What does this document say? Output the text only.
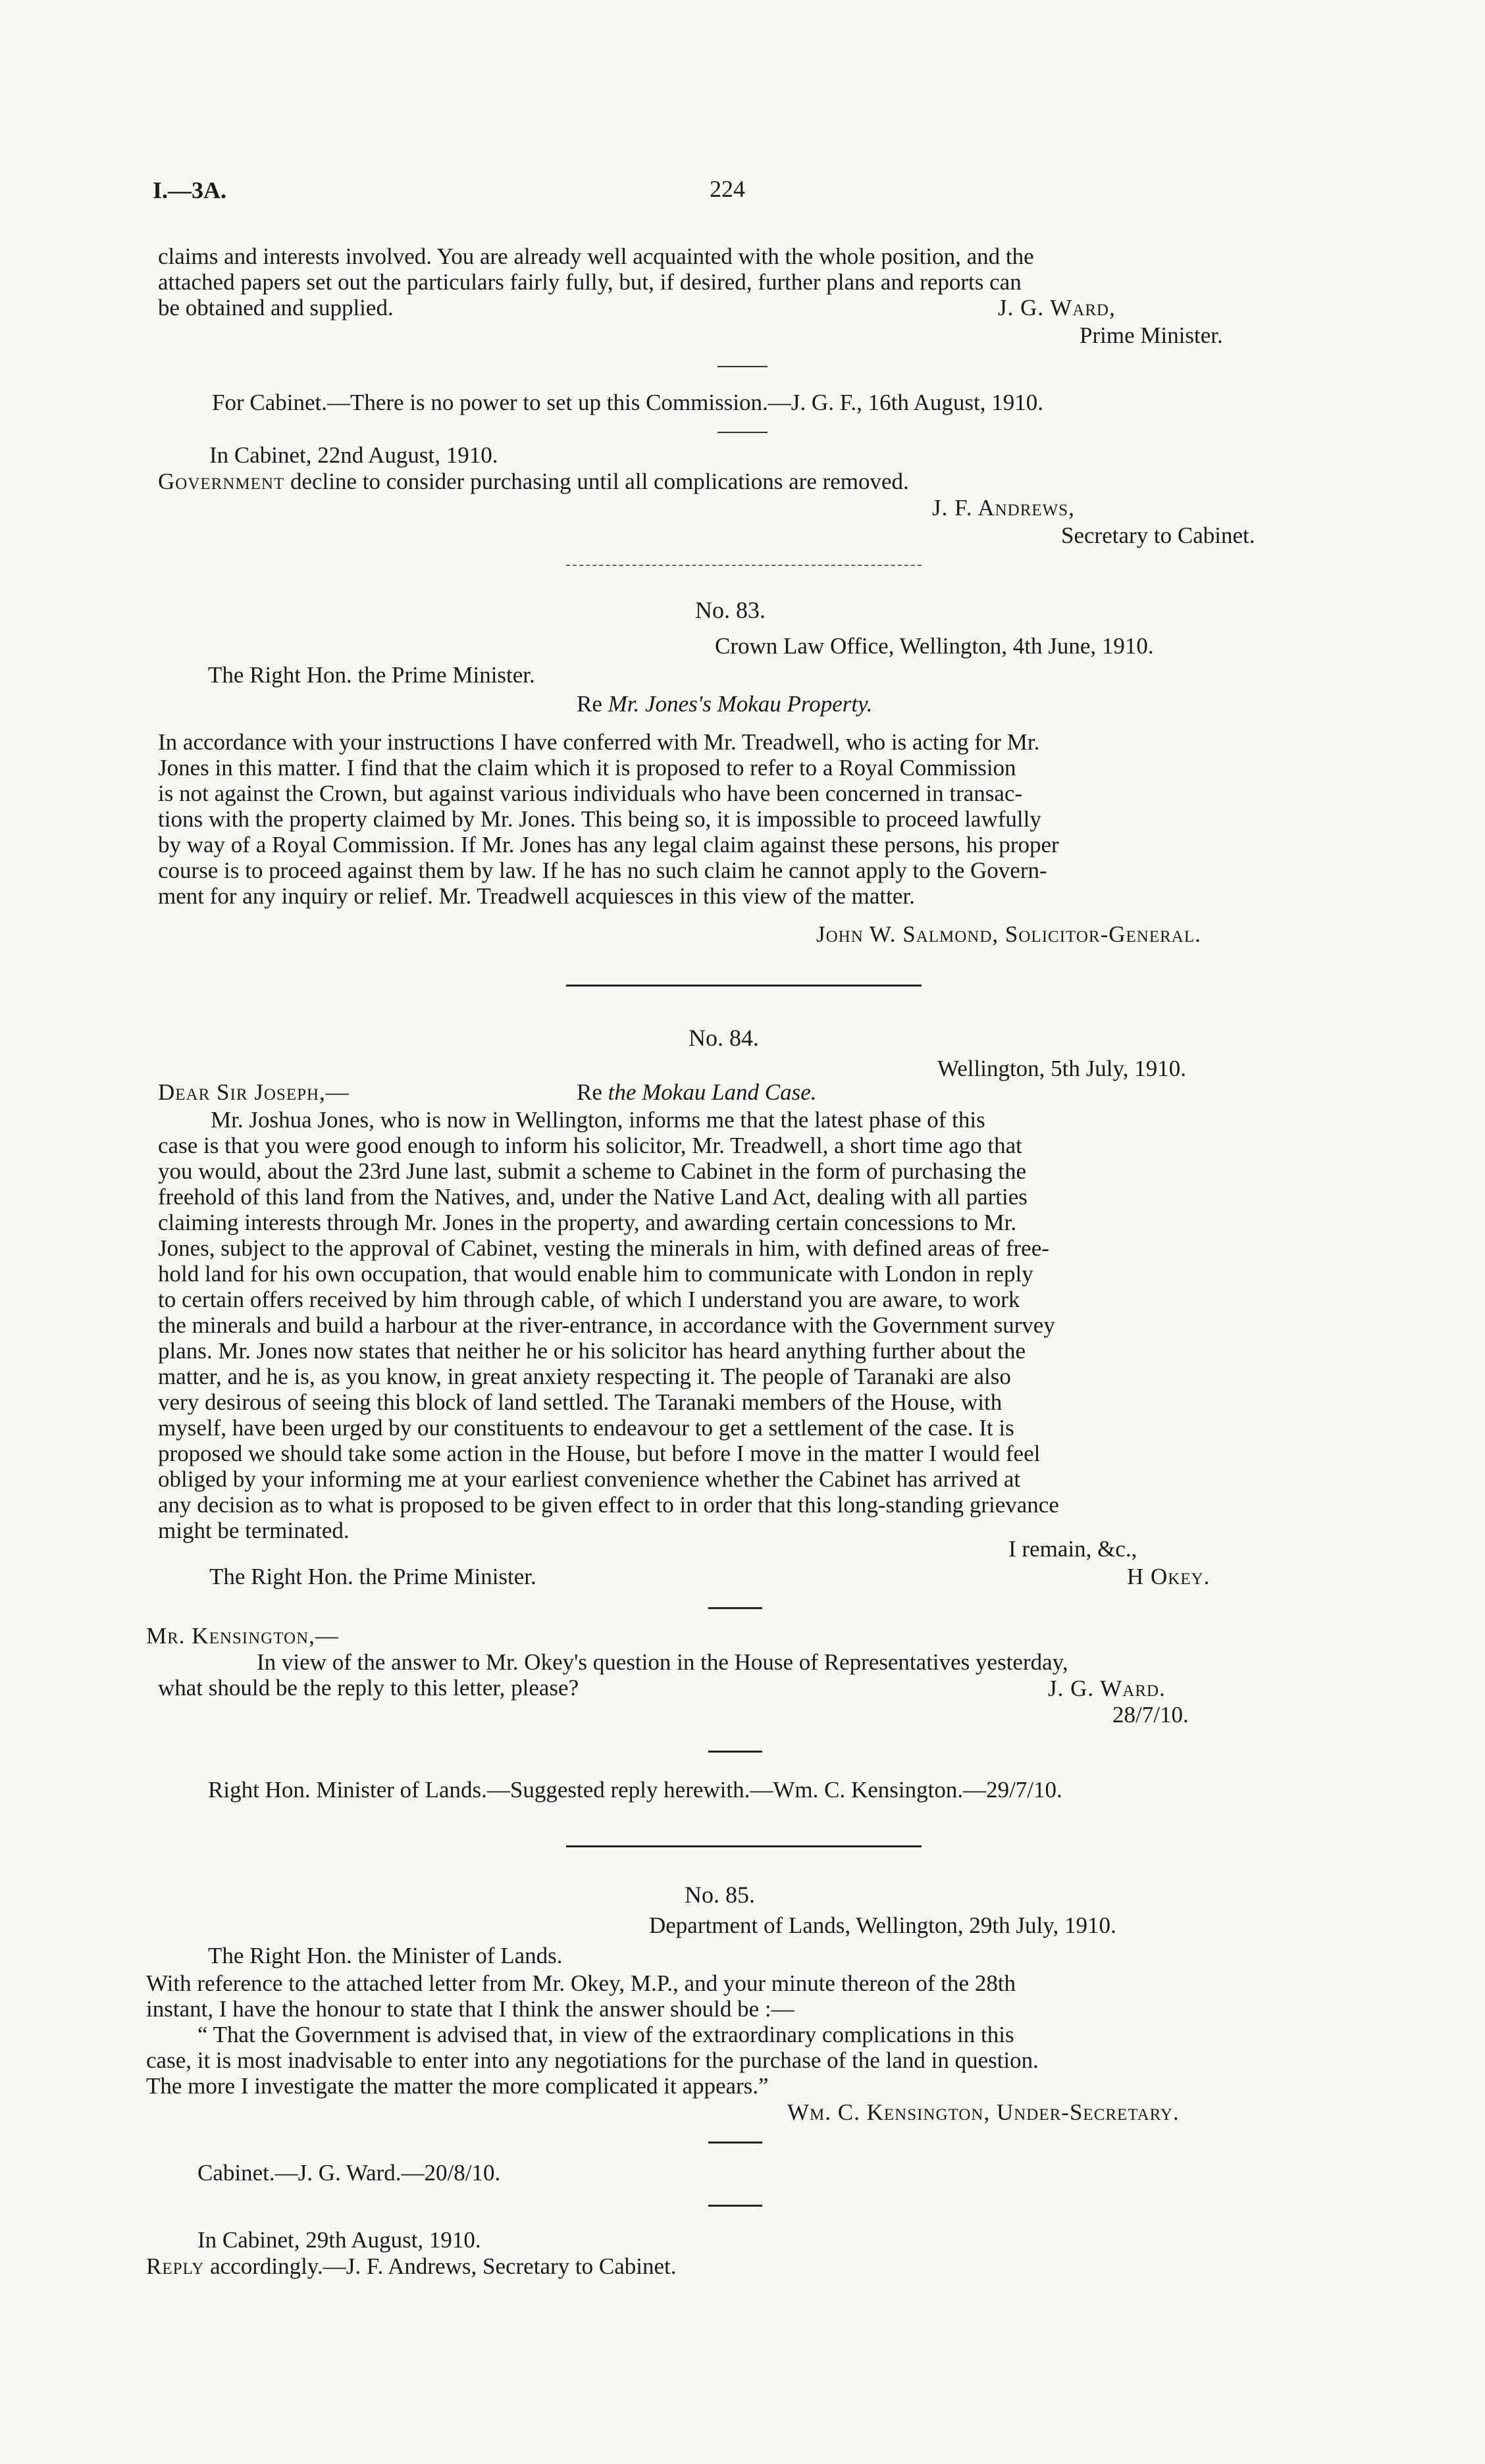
I.—3A.	224
claims and interests involved. You are already well acquainted with the whole position, and the
attached papers set out the particulars fairly fully, but, if desired, further plans and reports can
be obtained and supplied.	J. G. Ward,
Prime Minister.
For Cabinet.—There is no power to set up this Commission.—J. G. F., 16th August, 1910.
In Cabinet, 22nd August, 1910.
Government decline to consider purchasing until all complications are removed.
J. F. Andrews,
Secretary to Cabinet.
No. 83.
Crown Law Office, Wellington, 4th June, 1910.
The Right Hon. the Prime Minister.
Re Mr. Jones's Mokau Property.
In accordance with your instructions I have conferred with Mr. Treadwell, who is acting for Mr.
Jones in this matter. I find that the claim which it is proposed to refer to a Royal Commission
is not against the Crown, but against various individuals who have been concerned in transac-
tions with the property claimed by Mr. Jones. This being so, it is impossible to proceed lawfully
by way of a Royal Commission. If Mr. Jones has any legal claim against these persons, his proper
course is to proceed against them by law. If he has no such claim he cannot apply to the Govern-
ment for any inquiry or relief. Mr. Treadwell acquiesces in this view of the matter.
John W. Salmond, Solicitor-General.
No. 84.
Wellington, 5th July, 1910.
Dear Sir Joseph,—	Re the Mokau Land Case.
Mr. Joshua Jones, who is now in Wellington, informs me that the latest phase of this
case is that you were good enough to inform his solicitor, Mr. Treadwell, a short time ago that
you would, about the 23rd June last, submit a scheme to Cabinet in the form of purchasing the
freehold of this land from the Natives, and, under the Native Land Act, dealing with all parties
claiming interests through Mr. Jones in the property, and awarding certain concessions to Mr.
Jones, subject to the approval of Cabinet, vesting the minerals in him, with defined areas of free-
hold land for his own occupation, that would enable him to communicate with London in reply
to certain offers received by him through cable, of which I understand you are aware, to work
the minerals and build a harbour at the river-entrance, in accordance with the Government survey
plans. Mr. Jones now states that neither he or his solicitor has heard anything further about the
matter, and he is, as you know, in great anxiety respecting it. The people of Taranaki are also
very desirous of seeing this block of land settled. The Taranaki members of the House, with
myself, have been urged by our constituents to endeavour to get a settlement of the case. It is
proposed we should take some action in the House, but before I move in the matter I would feel
obliged by your informing me at your earliest convenience whether the Cabinet has arrived at
any decision as to what is proposed to be given effect to in order that this long-standing grievance
might be terminated.
I remain, &c.,
The Right Hon. the Prime Minister.	H Okey.
Mr. Kensington,—
In view of the answer to Mr. Okey's question in the House of Representatives yesterday,
what should be the reply to this letter, please?	J. G. Ward.
28/7/10.
Right Hon. Minister of Lands.—Suggested reply herewith.—Wm. C. Kensington.—29/7/10.
No. 85.
Department of Lands, Wellington, 29th July, 1910.
The Right Hon. the Minister of Lands.
With reference to the attached letter from Mr. Okey, M.P., and your minute thereon of the 28th
instant, I have the honour to state that I think the answer should be :—
“ That the Government is advised that, in view of the extraordinary complications in this
case, it is most inadvisable to enter into any negotiations for the purchase of the land in question.
The more I investigate the matter the more complicated it appears.”
Wm. C. Kensington, Under-Secretary.
Cabinet.—J. G. Ward.—20/8/10.
In Cabinet, 29th August, 1910.
Reply accordingly.—J. F. Andrews, Secretary to Cabinet.
